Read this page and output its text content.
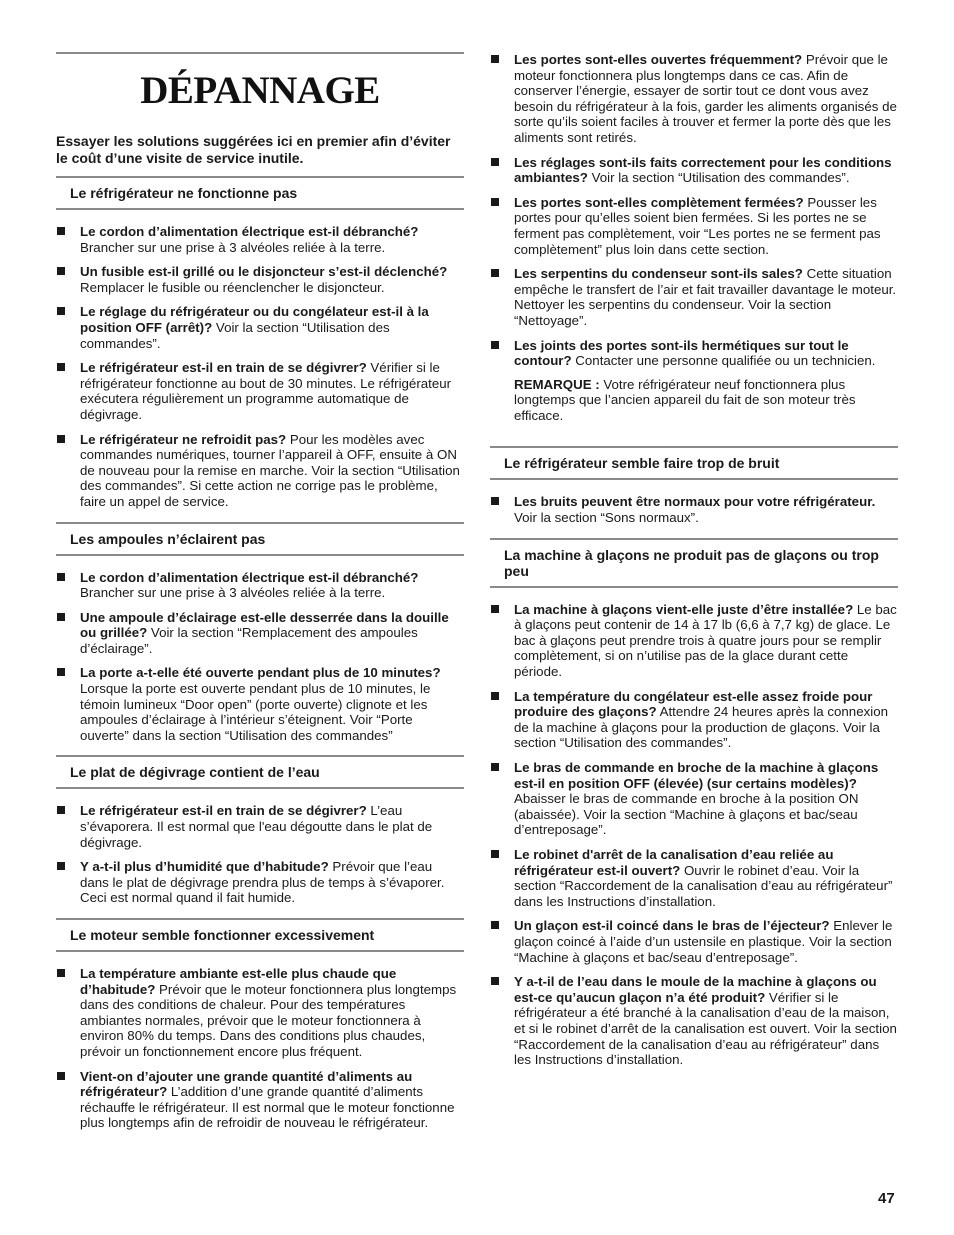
DÉPANNAGE
Essayer les solutions suggérées ici en premier afin d’éviter le coût d’une visite de service inutile.
Le réfrigérateur ne fonctionne pas
Le cordon d’alimentation électrique est-il débranché? Brancher sur une prise à 3 alvéoles reliée à la terre.
Un fusible est-il grillé ou le disjoncteur s’est-il déclenché? Remplacer le fusible ou réenclencher le disjoncteur.
Le réglage du réfrigérateur ou du congélateur est-il à la position OFF (arrêt)? Voir la section “Utilisation des commandes”.
Le réfrigérateur est-il en train de se dégivrer? Vérifier si le réfrigérateur fonctionne au bout de 30 minutes. Le réfrigérateur exécutera régulièrement un programme automatique de dégivrage.
Le réfrigérateur ne refroidit pas? Pour les modèles avec commandes numériques, tourner l’appareil à OFF, ensuite à ON de nouveau pour la remise en marche. Voir la section “Utilisation des commandes”. Si cette action ne corrige pas le problème, faire un appel de service.
Les ampoules n’éclairent pas
Le cordon d’alimentation électrique est-il débranché? Brancher sur une prise à 3 alvéoles reliée à la terre.
Une ampoule d’éclairage est-elle desserrée dans la douille ou grillée? Voir la section “Remplacement des ampoules d’éclairage”.
La porte a-t-elle été ouverte pendant plus de 10 minutes? Lorsque la porte est ouverte pendant plus de 10 minutes, le témoin lumineux “Door open” (porte ouverte) clignote et les ampoules d’éclairage à l’intérieur s’éteignent. Voir “Porte ouverte” dans la section “Utilisation des commandes”
Le plat de dégivrage contient de l’eau
Le réfrigérateur est-il en train de se dégivrer? L’eau s’évaporera. Il est normal que l'eau dégoutte dans le plat de dégivrage.
Y a-t-il plus d’humidité que d’habitude? Prévoir que l’eau dans le plat de dégivrage prendra plus de temps à s’évaporer. Ceci est normal quand il fait humide.
Le moteur semble fonctionner excessivement
La température ambiante est-elle plus chaude que d’habitude? Prévoir que le moteur fonctionnera plus longtemps dans des conditions de chaleur. Pour des températures ambiantes normales, prévoir que le moteur fonctionnera à environ 80% du temps. Dans des conditions plus chaudes, prévoir un fonctionnement encore plus fréquent.
Vient-on d’ajouter une grande quantité d’aliments au réfrigérateur? L’addition d’une grande quantité d’aliments réchauffe le réfrigérateur. Il est normal que le moteur fonctionne plus longtemps afin de refroidir de nouveau le réfrigérateur.
Les portes sont-elles ouvertes fréquemment? Prévoir que le moteur fonctionnera plus longtemps dans ce cas. Afin de conserver l’énergie, essayer de sortir tout ce dont vous avez besoin du réfrigérateur à la fois, garder les aliments organisés de sorte qu’ils soient faciles à trouver et fermer la porte dès que les aliments sont retirés.
Les réglages sont-ils faits correctement pour les conditions ambiantes? Voir la section “Utilisation des commandes”.
Les portes sont-elles complètement fermées? Pousser les portes pour qu’elles soient bien fermées. Si les portes ne se ferment pas complètement, voir “Les portes ne se ferment pas complètement” plus loin dans cette section.
Les serpentins du condenseur sont-ils sales? Cette situation empêche le transfert de l’air et fait travailler davantage le moteur. Nettoyer les serpentins du condenseur. Voir la section “Nettoyage”.
Les joints des portes sont-ils hermétiques sur tout le contour? Contacter une personne qualifiée ou un technicien.
REMARQUE : Votre réfrigérateur neuf fonctionnera plus longtemps que l’ancien appareil du fait de son moteur très efficace.
Le réfrigérateur semble faire trop de bruit
Les bruits peuvent être normaux pour votre réfrigérateur. Voir la section “Sons normaux”.
La machine à glaçons ne produit pas de glaçons ou trop peu
La machine à glaçons vient-elle juste d’être installée? Le bac à glaçons peut contenir de 14 à 17 lb (6,6 à 7,7 kg) de glace. Le bac à glaçons peut prendre trois à quatre jours pour se remplir complètement, si on n’utilise pas de la glace durant cette période.
La température du congélateur est-elle assez froide pour produire des glaçons? Attendre 24 heures après la connexion de la machine à glaçons pour la production de glaçons. Voir la section “Utilisation des commandes”.
Le bras de commande en broche de la machine à glaçons est-il en position OFF (élevée) (sur certains modèles)? Abaisser le bras de commande en broche à la position ON (abaissée). Voir la section “Machine à glaçons et bac/seau d’entreposage”.
Le robinet d'arrêt de la canalisation d’eau reliée au réfrigérateur est-il ouvert? Ouvrir le robinet d’eau. Voir la section “Raccordement de la canalisation d’eau au réfrigérateur” dans les Instructions d’installation.
Un glaçon est-il coincé dans le bras de l’éjecteur? Enlever le glaçon coincé à l’aide d’un ustensile en plastique. Voir la section “Machine à glaçons et bac/seau d’entreposage”.
Y a-t-il de l’eau dans le moule de la machine à glaçons ou est-ce qu’aucun glaçon n’a été produit? Vérifier si le réfrigérateur a été branché à la canalisation d’eau de la maison, et si le robinet d’arrêt de la canalisation est ouvert. Voir la section “Raccordement de la canalisation d’eau au réfrigérateur” dans les Instructions d’installation.
47
